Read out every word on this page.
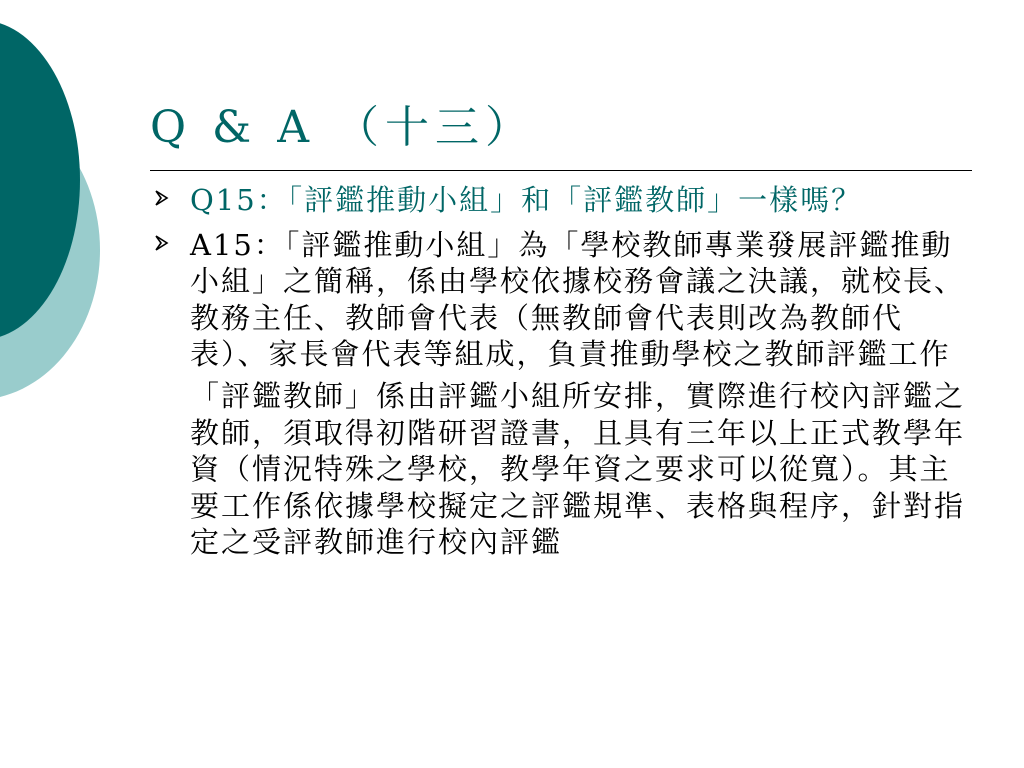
Q & A （十三）
Q15：「評鑑推動小組」和「評鑑教師」一樣嗎？
A15：「評鑑推動小組」為「學校教師專業發展評鑑推動小組」之簡稱，係由學校依據校務會議之決議，就校長、教務主任、教師會代表（無教師會代表則改為教師代表）、家長會代表等組成，負責推動學校之教師評鑑工作
「評鑑教師」係由評鑑小組所安排，實際進行校內評鑑之教師，須取得初階研習證書，且具有三年以上正式教學年資（情況特殊之學校，教學年資之要求可以從寬）。其主要工作係依據學校擬定之評鑑規準、表格與程序，針對指定之受評教師進行校內評鑑
